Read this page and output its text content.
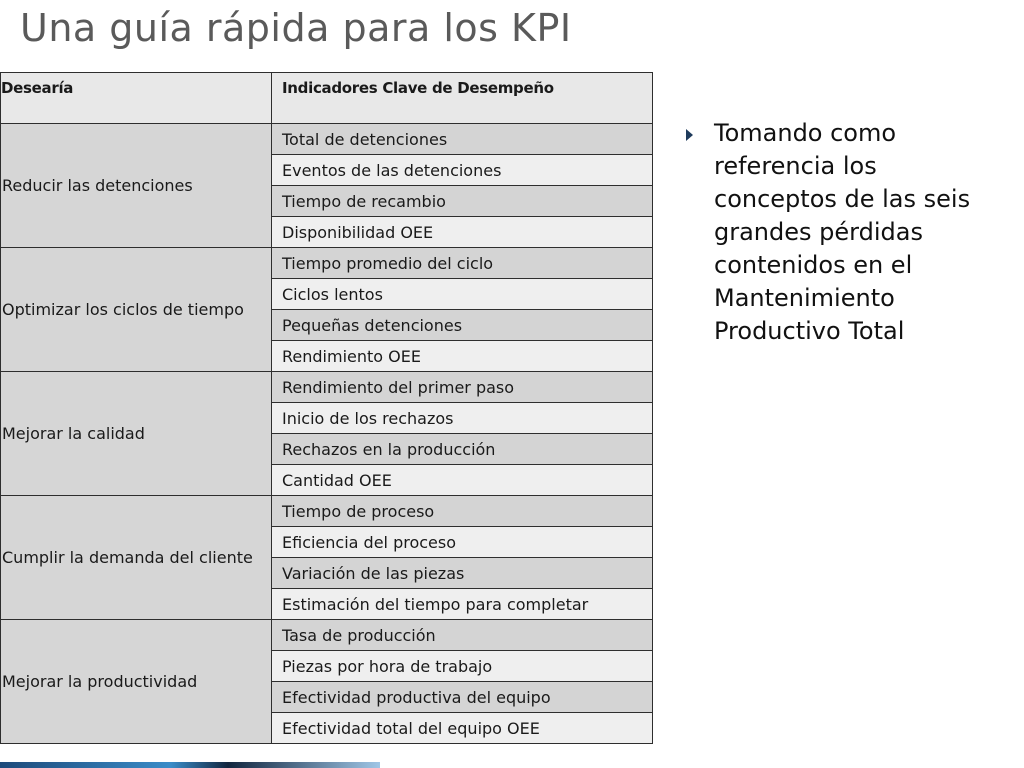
Una guía rápida para los KPI
Desearía	Indicadores Clave de Desempeño
Reducir las detenciones	Total de detenciones
	Eventos de las detenciones
	Tiempo de recambio
	Disponibilidad OEE
Optimizar los ciclos de tiempo	Tiempo promedio del ciclo
	Ciclos lentos
	Pequeñas detenciones
	Rendimiento OEE
Mejorar la calidad	Rendimiento del primer paso
	Inicio de los rechazos
	Rechazos en la producción
	Cantidad OEE
Cumplir la demanda del cliente	Tiempo de proceso
	Eficiencia del proceso
	Variación de las piezas
	Estimación del tiempo para completar
Mejorar la productividad	Tasa de producción
	Piezas por hora de trabajo
	Efectividad productiva del equipo
	Efectividad total del equipo OEE
Tomando como referencia los conceptos de las seis grandes pérdidas contenidos en el Mantenimiento Productivo Total
